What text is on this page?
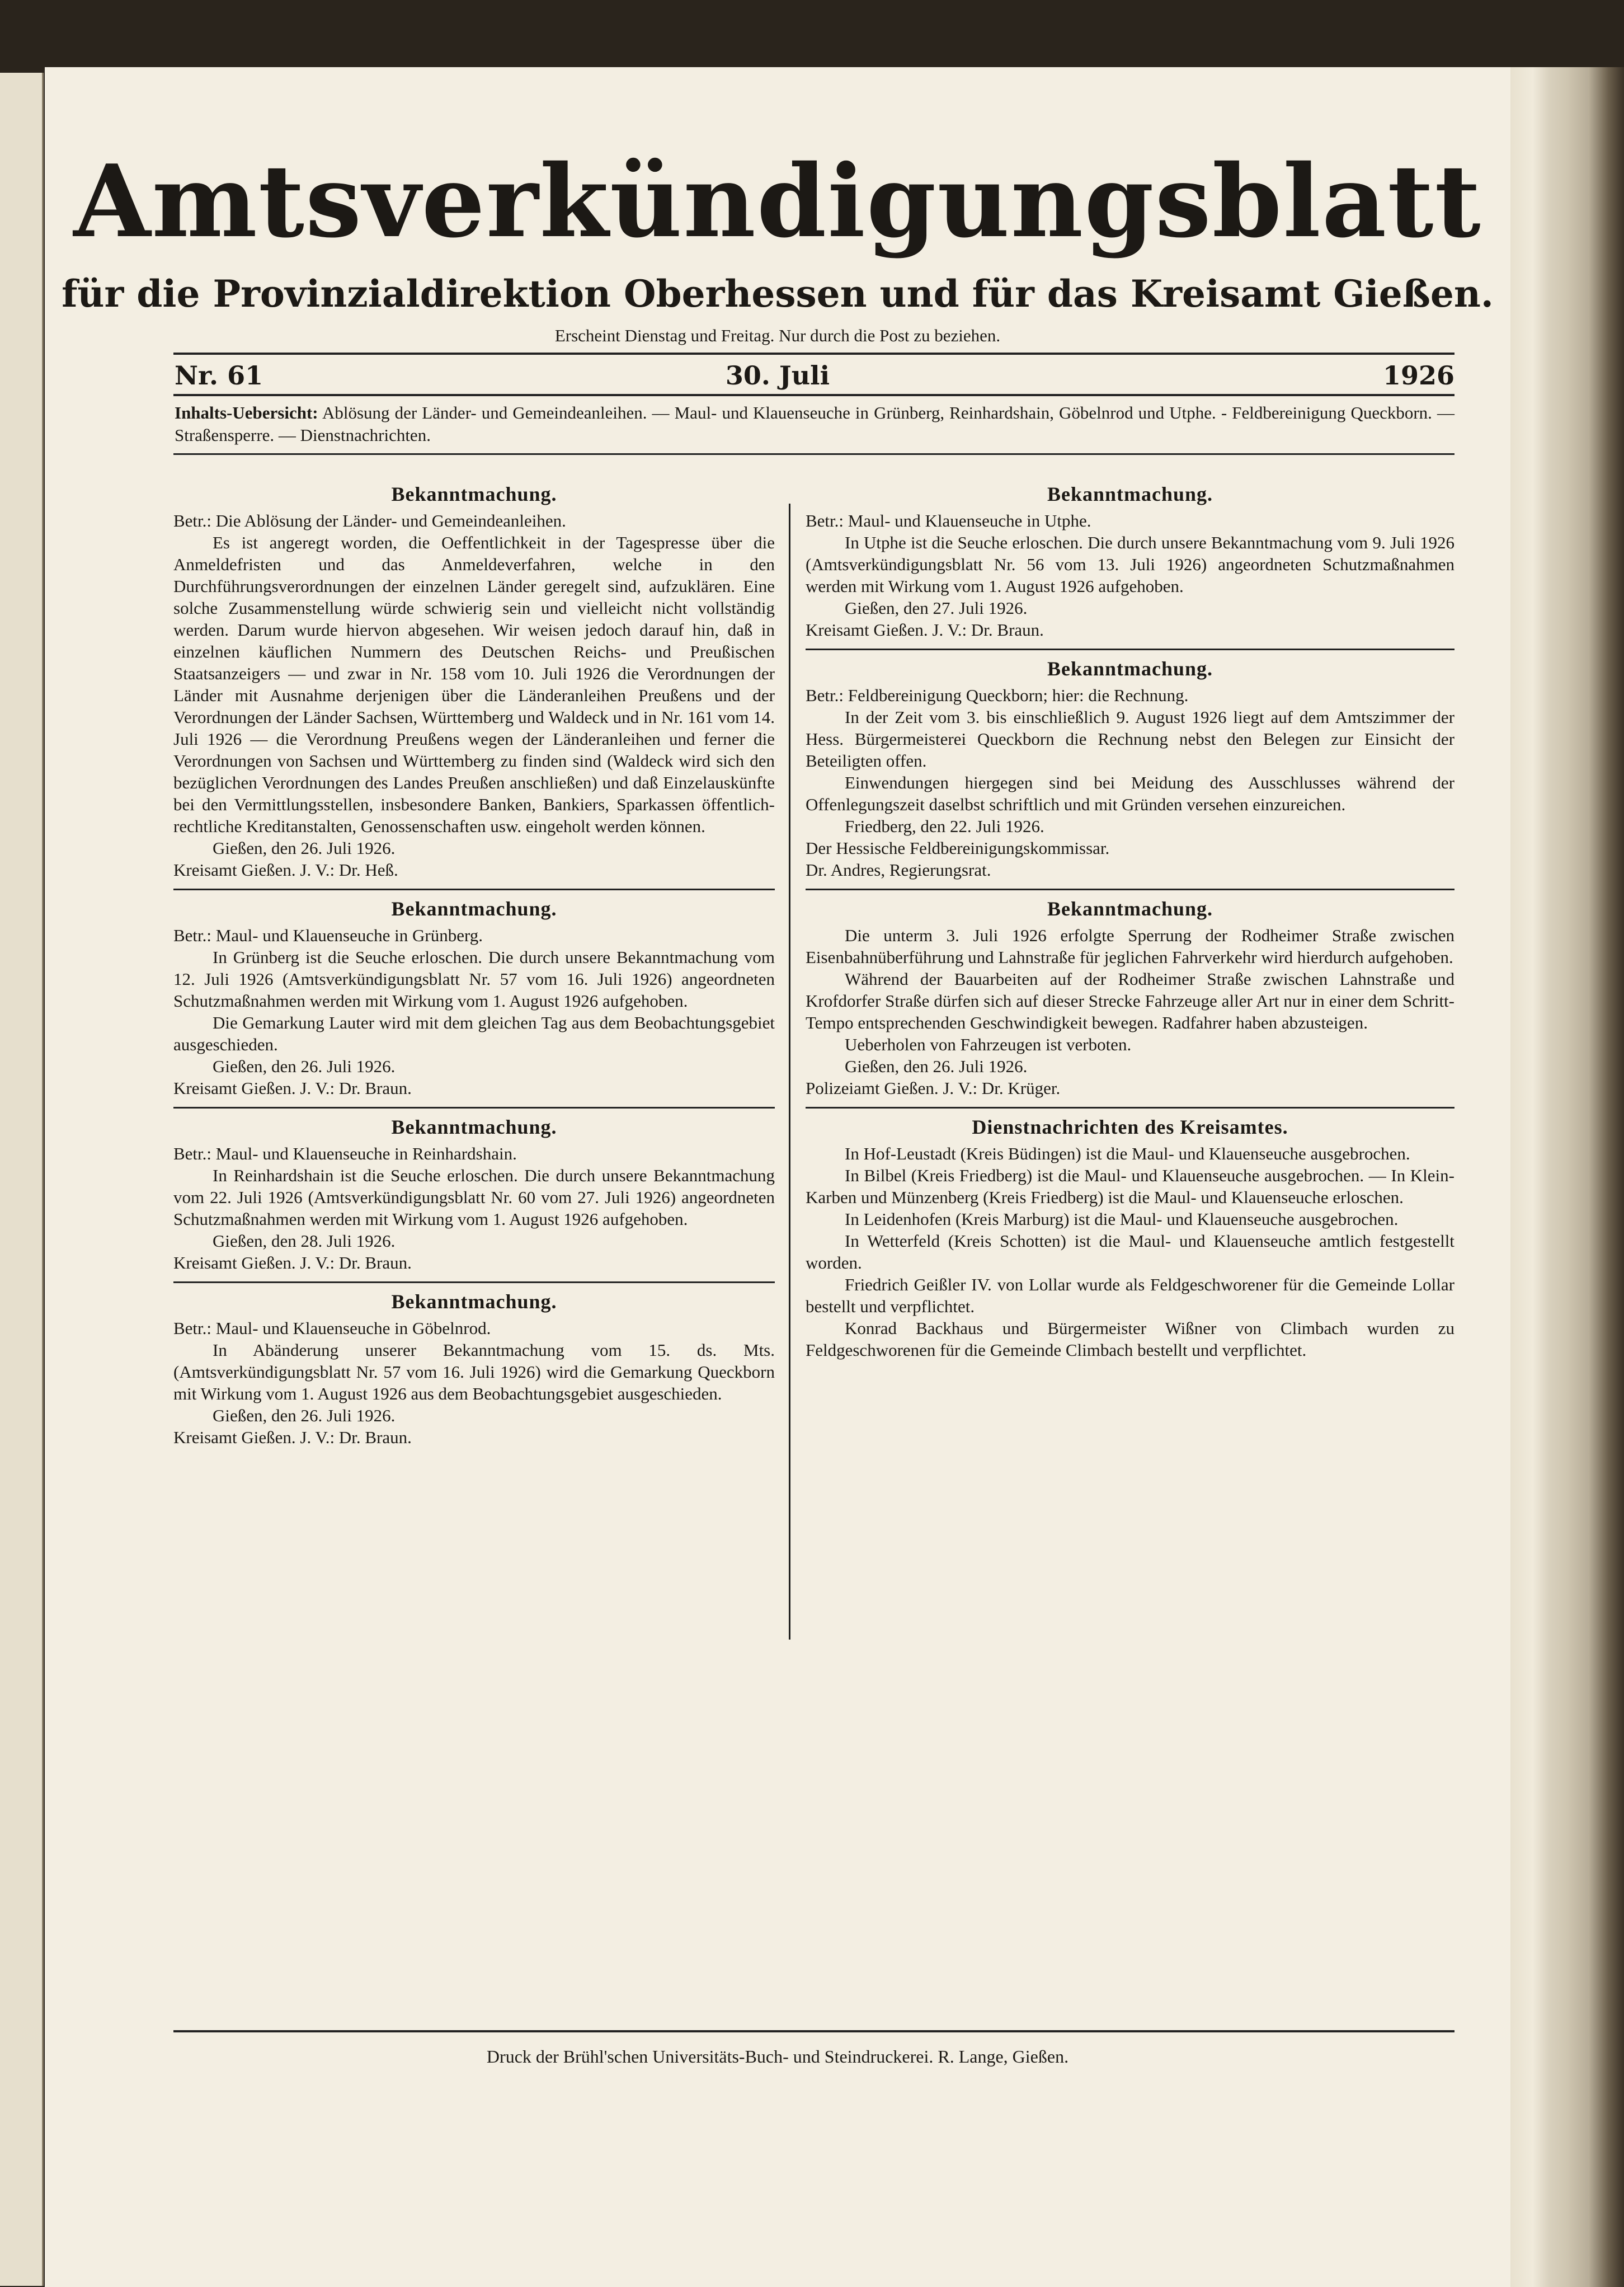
Amtsverkündigungsblatt
für die Provinzialdirektion Oberhessen und für das Kreisamt Gießen.
Erscheint Dienstag und Freitag. Nur durch die Post zu beziehen.
Nr. 61	30. Juli	1926
Inhalts-Uebersicht: Ablösung der Länder- und Gemeindeanleihen. — Maul- und Klauenseuche in Grünberg, Reinhardshain, Göbelnrod und Utphe. - Feldbereinigung Queckborn. — Straßensperre. — Dienstnachrichten.
Bekanntmachung.

Betr.: Die Ablösung der Länder- und Gemeindeanleihen.

Es ist angeregt worden, die Oeffentlichkeit in der Tagespresse über die Anmeldefristen und das Anmeldeverfahren, welche in den Durchführungsverordnungen der einzelnen Länder geregelt sind, aufzuklären. Eine solche Zusammenstellung würde schwierig sein und vielleicht nicht vollständig werden. Darum wurde hiervon abgesehen. Wir weisen jedoch darauf hin, daß in einzelnen käuflichen Nummern des Deutschen Reichs- und Preußischen Staatsanzeigers — und zwar in Nr. 158 vom 10. Juli 1926 die Verordnungen der Länder mit Ausnahme derjenigen über die Länderanleihen Preußens und der Verordnungen der Länder Sachsen, Württemberg und Waldeck und in Nr. 161 vom 14. Juli 1926 — die Verordnung Preußens wegen der Länderanleihen und ferner die Verordnungen von Sachsen und Württemberg zu finden sind (Waldeck wird sich den bezüglichen Verordnungen des Landes Preußen anschließen) und daß Einzelauskünfte bei den Vermittlungsstellen, insbesondere Banken, Bankiers, Sparkassen öffentlich-rechtliche Kreditanstalten, Genossenschaften usw. eingeholt werden können.

Gießen, den 26. Juli 1926.

Kreisamt Gießen. J. V.: Dr. Heß.

Bekanntmachung.

Betr.: Maul- und Klauenseuche in Grünberg.

In Grünberg ist die Seuche erloschen. Die durch unsere Bekanntmachung vom 12. Juli 1926 (Amtsverkündigungsblatt Nr. 57 vom 16. Juli 1926) angeordneten Schutzmaßnahmen werden mit Wirkung vom 1. August 1926 aufgehoben.

Die Gemarkung Lauter wird mit dem gleichen Tag aus dem Beobachtungsgebiet ausgeschieden.

Gießen, den 26. Juli 1926.

Kreisamt Gießen. J. V.: Dr. Braun.

Bekanntmachung.

Betr.: Maul- und Klauenseuche in Reinhardshain.

In Reinhardshain ist die Seuche erloschen. Die durch unsere Bekanntmachung vom 22. Juli 1926 (Amtsverkündigungsblatt Nr. 60 vom 27. Juli 1926) angeordneten Schutzmaßnahmen werden mit Wirkung vom 1. August 1926 aufgehoben.

Gießen, den 28. Juli 1926.

Kreisamt Gießen. J. V.: Dr. Braun.

Bekanntmachung.

Betr.: Maul- und Klauenseuche in Göbelnrod.

In Abänderung unserer Bekanntmachung vom 15. ds. Mts. (Amtsverkündigungsblatt Nr. 57 vom 16. Juli 1926) wird die Gemarkung Queckborn mit Wirkung vom 1. August 1926 aus dem Beobachtungsgebiet ausgeschieden.

Gießen, den 26. Juli 1926.

Kreisamt Gießen. J. V.: Dr. Braun.

Bekanntmachung.

Betr.: Maul- und Klauenseuche in Utphe.

In Utphe ist die Seuche erloschen. Die durch unsere Bekanntmachung vom 9. Juli 1926 (Amtsverkündigungsblatt Nr. 56 vom 13. Juli 1926) angeordneten Schutzmaßnahmen werden mit Wirkung vom 1. August 1926 aufgehoben.

Gießen, den 27. Juli 1926.

Kreisamt Gießen. J. V.: Dr. Braun.

Bekanntmachung.

Betr.: Feldbereinigung Queckborn; hier: die Rechnung.

In der Zeit vom 3. bis einschließlich 9. August 1926 liegt auf dem Amtszimmer der Hess. Bürgermeisterei Queckborn die Rechnung nebst den Belegen zur Einsicht der Beteiligten offen.

Einwendungen hiergegen sind bei Meidung des Ausschlusses während der Offenlegungszeit daselbst schriftlich und mit Gründen versehen einzureichen.

Friedberg, den 22. Juli 1926.

Der Hessische Feldbereinigungskommissar.

Dr. Andres, Regierungsrat.

Bekanntmachung.

Die unterm 3. Juli 1926 erfolgte Sperrung der Rodheimer Straße zwischen Eisenbahnüberführung und Lahnstraße für jeglichen Fahrverkehr wird hierdurch aufgehoben.

Während der Bauarbeiten auf der Rodheimer Straße zwischen Lahnstraße und Krofdorfer Straße dürfen sich auf dieser Strecke Fahrzeuge aller Art nur in einer dem Schritt-Tempo entsprechenden Geschwindigkeit bewegen. Radfahrer haben abzusteigen.

Ueberholen von Fahrzeugen ist verboten.

Gießen, den 26. Juli 1926.

Polizeiamt Gießen. J. V.: Dr. Krüger.

Dienstnachrichten des Kreisamtes.

In Hof-Leustadt (Kreis Büdingen) ist die Maul- und Klauenseuche ausgebrochen.

In Bilbel (Kreis Friedberg) ist die Maul- und Klauenseuche ausgebrochen. — In Klein-Karben und Münzenberg (Kreis Friedberg) ist die Maul- und Klauenseuche erloschen.

In Leidenhofen (Kreis Marburg) ist die Maul- und Klauenseuche ausgebrochen.

In Wetterfeld (Kreis Schotten) ist die Maul- und Klauenseuche amtlich festgestellt worden.

Friedrich Geißler IV. von Lollar wurde als Feldgeschworener für die Gemeinde Lollar bestellt und verpflichtet.

Konrad Backhaus und Bürgermeister Wißner von Climbach wurden zu Feldgeschworenen für die Gemeinde Climbach bestellt und verpflichtet.

Druck der Brühl'schen Universitäts-Buch- und Steindruckerei. R. Lange, Gießen.
